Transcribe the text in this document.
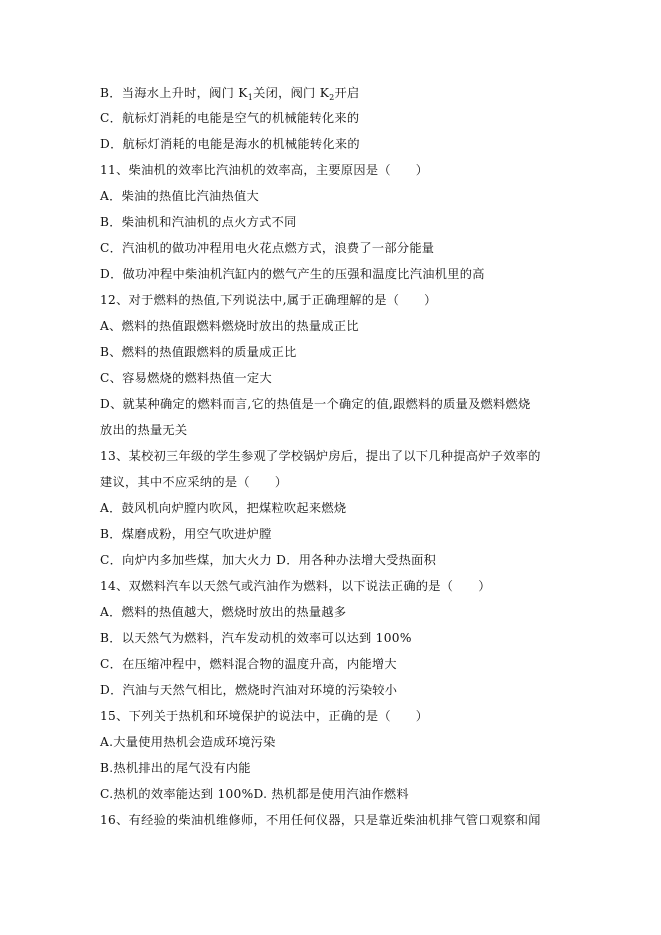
B．当海水上升时，阀门 $K_1$关闭，阀门 $K_2$开启
C．航标灯消耗的电能是空气的机械能转化来的
D．航标灯消耗的电能是海水的机械能转化来的
11、柴油机的效率比汽油机的效率高，主要原因是（　　）
A．柴油的热值比汽油热值大
B．柴油机和汽油机的点火方式不同
C．汽油机的做功冲程用电火花点燃方式，浪费了一部分能量
D．做功冲程中柴油机汽缸内的燃气产生的压强和温度比汽油机里的高
12、对于燃料的热值,下列说法中,属于正确理解的是（　　）
A、燃料的热值跟燃料燃烧时放出的热量成正比
B、燃料的热值跟燃料的质量成正比
C、容易燃烧的燃料热值一定大
D、就某种确定的燃料而言,它的热值是一个确定的值,跟燃料的质量及燃料燃烧
放出的热量无关
13、某校初三年级的学生参观了学校锅炉房后，提出了以下几种提高炉子效率的
建议，其中不应采纳的是（　　）
A．鼓风机向炉膛内吹风，把煤粒吹起来燃烧
B．煤磨成粉，用空气吹进炉膛
C．向炉内多加些煤，加大火力 D．用各种办法增大受热面积
14、双燃料汽车以天然气或汽油作为燃料，以下说法正确的是（　　）
A．燃料的热值越大，燃烧时放出的热量越多
B．以天然气为燃料，汽车发动机的效率可以达到 100%
C．在压缩冲程中，燃料混合物的温度升高，内能增大
D．汽油与天然气相比，燃烧时汽油对环境的污染较小
15、下列关于热机和环境保护的说法中，正确的是（　　）
A.大量使用热机会造成环境污染
B.热机排出的尾气没有内能
C.热机的效率能达到 100%D. 热机都是使用汽油作燃料
16、有经验的柴油机维修师，不用任何仪器，只是靠近柴油机排气管口观察和闻
